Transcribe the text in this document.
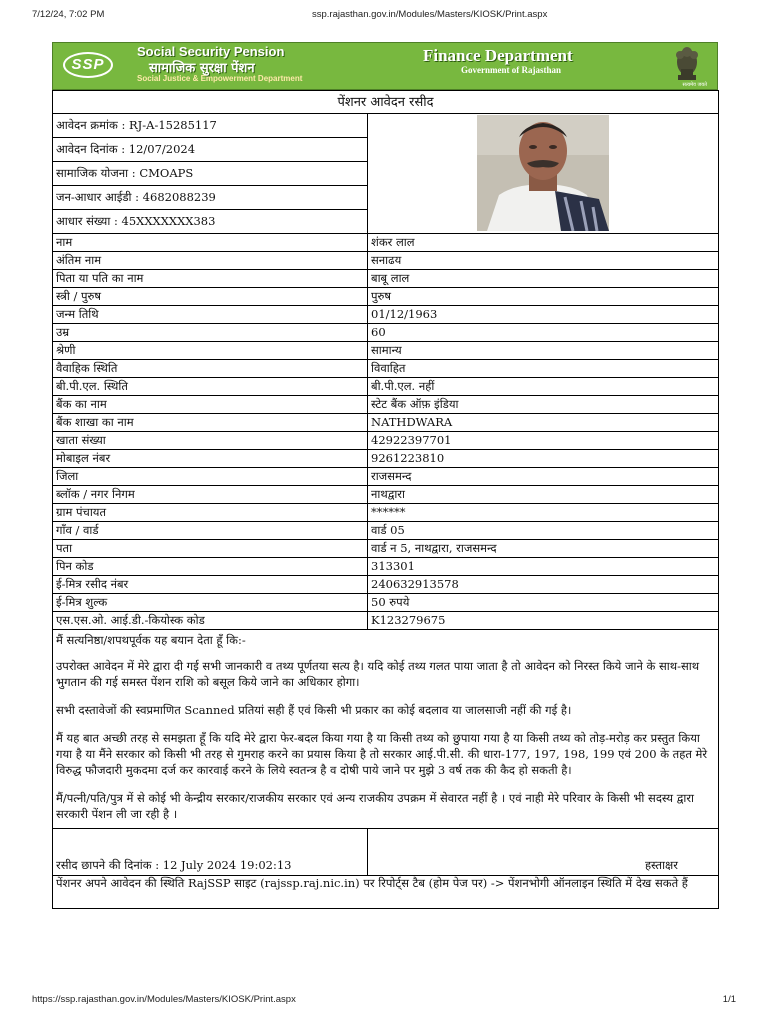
7/12/24, 7:02 PM	ssp.rajasthan.gov.in/Modules/Masters/KIOSK/Print.aspx
SSP
Social Security Pension
सामाजिक सुरक्षा पेंशन
Social Justice & Empowerment Department
Finance Department
Government of Rajasthan
सत्यमेव जयते
पेंशनर आवेदन रसीद	
आवेदन क्रमांक : RJ-A-15285117	

आवेदन दिनांक : 12/07/2024	
सामाजिक योजना : CMOAPS	
जन-आधार आईडी : 4682088239	
आधार संख्या : 45XXXXXXX383	
नाम	शंकर लाल
अंतिम नाम	सनाढय
पिता या पति का नाम	बाबू लाल
स्त्री / पुरुष	पुरुष
जन्म तिथि	01/12/1963
उम्र	60
श्रेणी	सामान्य
वैवाहिक स्थिति	विवाहित
बी.पी.एल. स्थिति	बी.पी.एल. नहीं
बैंक का नाम	स्टेट बैंक ऑफ़ इंडिया
बैंक शाखा का नाम	NATHDWARA
खाता संख्या	42922397701
मोबाइल नंबर	9261223810
जिला	राजसमन्द
ब्लॉक / नगर निगम	नाथद्वारा
ग्राम पंचायत	******
गाँव / वार्ड	वार्ड 05
पता	वार्ड न 5, नाथद्वारा, राजसमन्द
पिन कोड	313301
ई-मित्र रसीद नंबर	240632913578
ई-मित्र शुल्क	50 रुपये
एस.एस.ओ. आई.डी.-कियोस्क कोड	K123279675

मैं सत्यनिष्ठा/शपथपूर्वक यह बयान देता हूँ कि:-

उपरोक्त आवेदन में मेरे द्वारा दी गई सभी जानकारी व तथ्य पूर्णतया सत्य है। यदि कोई तथ्य गलत पाया जाता है तो आवेदन को निरस्त किये जाने के साथ-साथ भुगतान की गई समस्त पेंशन राशि को बसूल किये जाने का अधिकार होगा।

सभी दस्तावेजों की स्वप्रमाणित Scanned प्रतियां सही हैं एवं किसी भी प्रकार का कोई बदलाव या जालसाजी नहीं की गई है।

मैं यह बात अच्छी तरह से समझता हूँ कि यदि मेरे द्वारा फेर-बदल किया गया है या किसी तथ्य को छुपाया गया है या किसी तथ्य को तोड़-मरोड़ कर प्रस्तुत किया गया है या मैंने सरकार को किसी भी तरह से गुमराह करने का प्रयास किया है तो सरकार आई.पी.सी. की धारा-177, 197, 198, 199 एवं 200 के तहत मेरे विरुद्ध फौजदारी मुकदमा दर्ज कर कारवाई करने के लिये स्वतन्त्र है व दोषी पाये जाने पर मुझे 3 वर्ष तक की कैद हो सकती है।

मैं/पत्नी/पति/पुत्र में से कोई भी केन्द्रीय सरकार/राजकीय सरकार एवं अन्य राजकीय उपक्रम में सेवारत नहीं है । एवं नाही मेरे परिवार के किसी भी सदस्य द्वारा सरकारी पेंशन ली जा रही है ।	

रसीद छापने की दिनांक : 12 July 2024 19:02:13	हस्ताक्षर
पेंशनर अपने आवेदन की स्थिति RajSSP साइट (rajssp.raj.nic.in) पर रिपोर्ट्स टैब (होम पेज पर) -> पेंशनभोगी ऑनलाइन स्थिति में देख सकते हैं	
https://ssp.rajasthan.gov.in/Modules/Masters/KIOSK/Print.aspx	1/1
